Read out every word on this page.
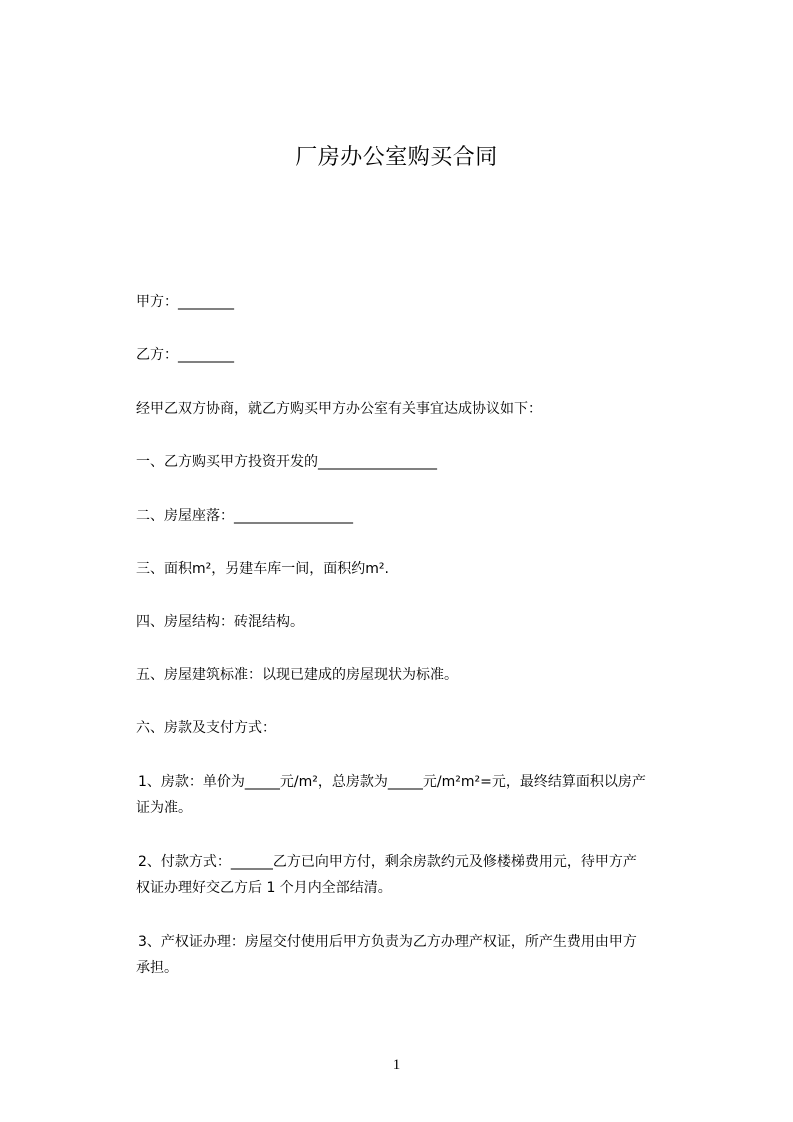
厂房办公室购买合同
甲方：________
乙方：________
经甲乙双方协商，就乙方购买甲方办公室有关事宜达成协议如下：
一、乙方购买甲方投资开发的_________________
二、房屋座落：_________________
三、面积m²，另建车库一间，面积约m².
四、房屋结构：砖混结构。
五、房屋建筑标准：以现已建成的房屋现状为标准。
六、房款及支付方式：
1、房款：单价为_____元/m²，总房款为_____元/m²m²=元，最终结算面积以房产
证为准。
2、付款方式：______乙方已向甲方付，剩余房款约元及修楼梯费用元，待甲方产
权证办理好交乙方后 1 个月内全部结清。
3、产权证办理：房屋交付使用后甲方负责为乙方办理产权证，所产生费用由甲方
承担。
1
